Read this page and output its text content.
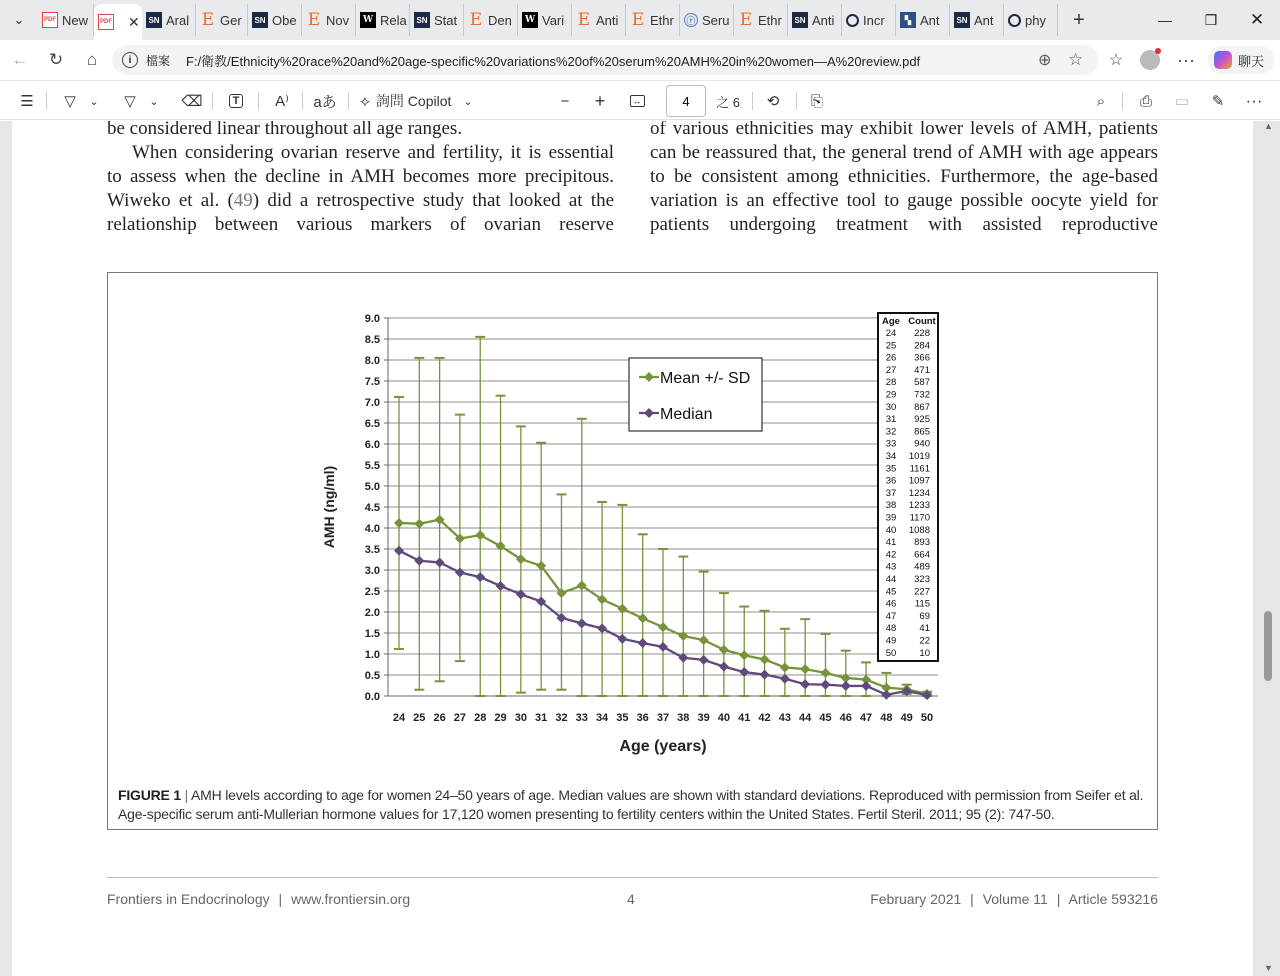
⌄	PDF New	PDF ✕	SN Aral E Ger	SN Obe E Nov	W Rela	SN Stat E Den	W Vari E Anti E Ethr ⓡ Seru E Ethr	SN Anti Incr	▚ Ant	SN Ant phy +	— ❐ ✕
← ↻ ⌂	i	檔案 F:/衛教/Ethnicity%20race%20and%20age-specific%20variations%20of%20serum%20AMH%20in%20women—A%20review.pdf	⊕ ☆ ☆	···	聊天
☰ ▽ ⌄ ▽ ⌄ ⌫	T A⁾ aあ ⟡ 詢問 Copilot ⌄	− +	↔	4 之 6 ⟲ ⎘	⌕ ⎙ ▭ ✎ ···

be considered linear throughout all age ranges.

When considering ovarian reserve and fertility, it is essential

to assess when the decline in AMH becomes more precipitous.

Wiweko et al. (49) did a retrospective study that looked at the

relationship between various markers of ovarian reserve

of various ethnicities may exhibit lower levels of AMH, patients

can be reassured that, the general trend of AMH with age appears

to be consistent among ethnicities. Furthermore, the age-based

variation is an effective tool to gauge possible oocyte yield for

patients undergoing treatment with assisted reproductive

0.0
0.5
1.0
1.5
2.0
2.5
3.0
3.5
4.0
4.5
5.0
5.5
6.0
6.5
7.0
7.5
8.0
8.5
9.0
24 25 26 27 28 29 30 31 32 33 34 35 36 37 38 39 40 41 42 43 44 45 46 47 48 49 50
Age (years)
AMH (ng/ml)
Mean +/- SD
Median
Age Count
24 228
25 284
26 366
27 471
28 587
29 732
30 867
31 925
32 865
33 940
34 1019
35 1161
36 1097
37 1234
38 1233
39 1170
40 1088
41 893
42 664
43 489
44 323
45 227
46 115
47 69
48 41
49 22
50 10
FIGURE 1 | AMH levels according to age for women 24–50 years of age. Median values are shown with standard deviations. Reproduced with permission from Seifer et al.
Age-specific serum anti-Mullerian hormone values for 17,120 women presenting to fertility centers within the United States. Fertil Steril. 2011; 95 (2): 747-50.
Frontiers in Endocrinology | www.frontiersin.org	4	February 2021 | Volume 11 | Article 593216
▲
▼
